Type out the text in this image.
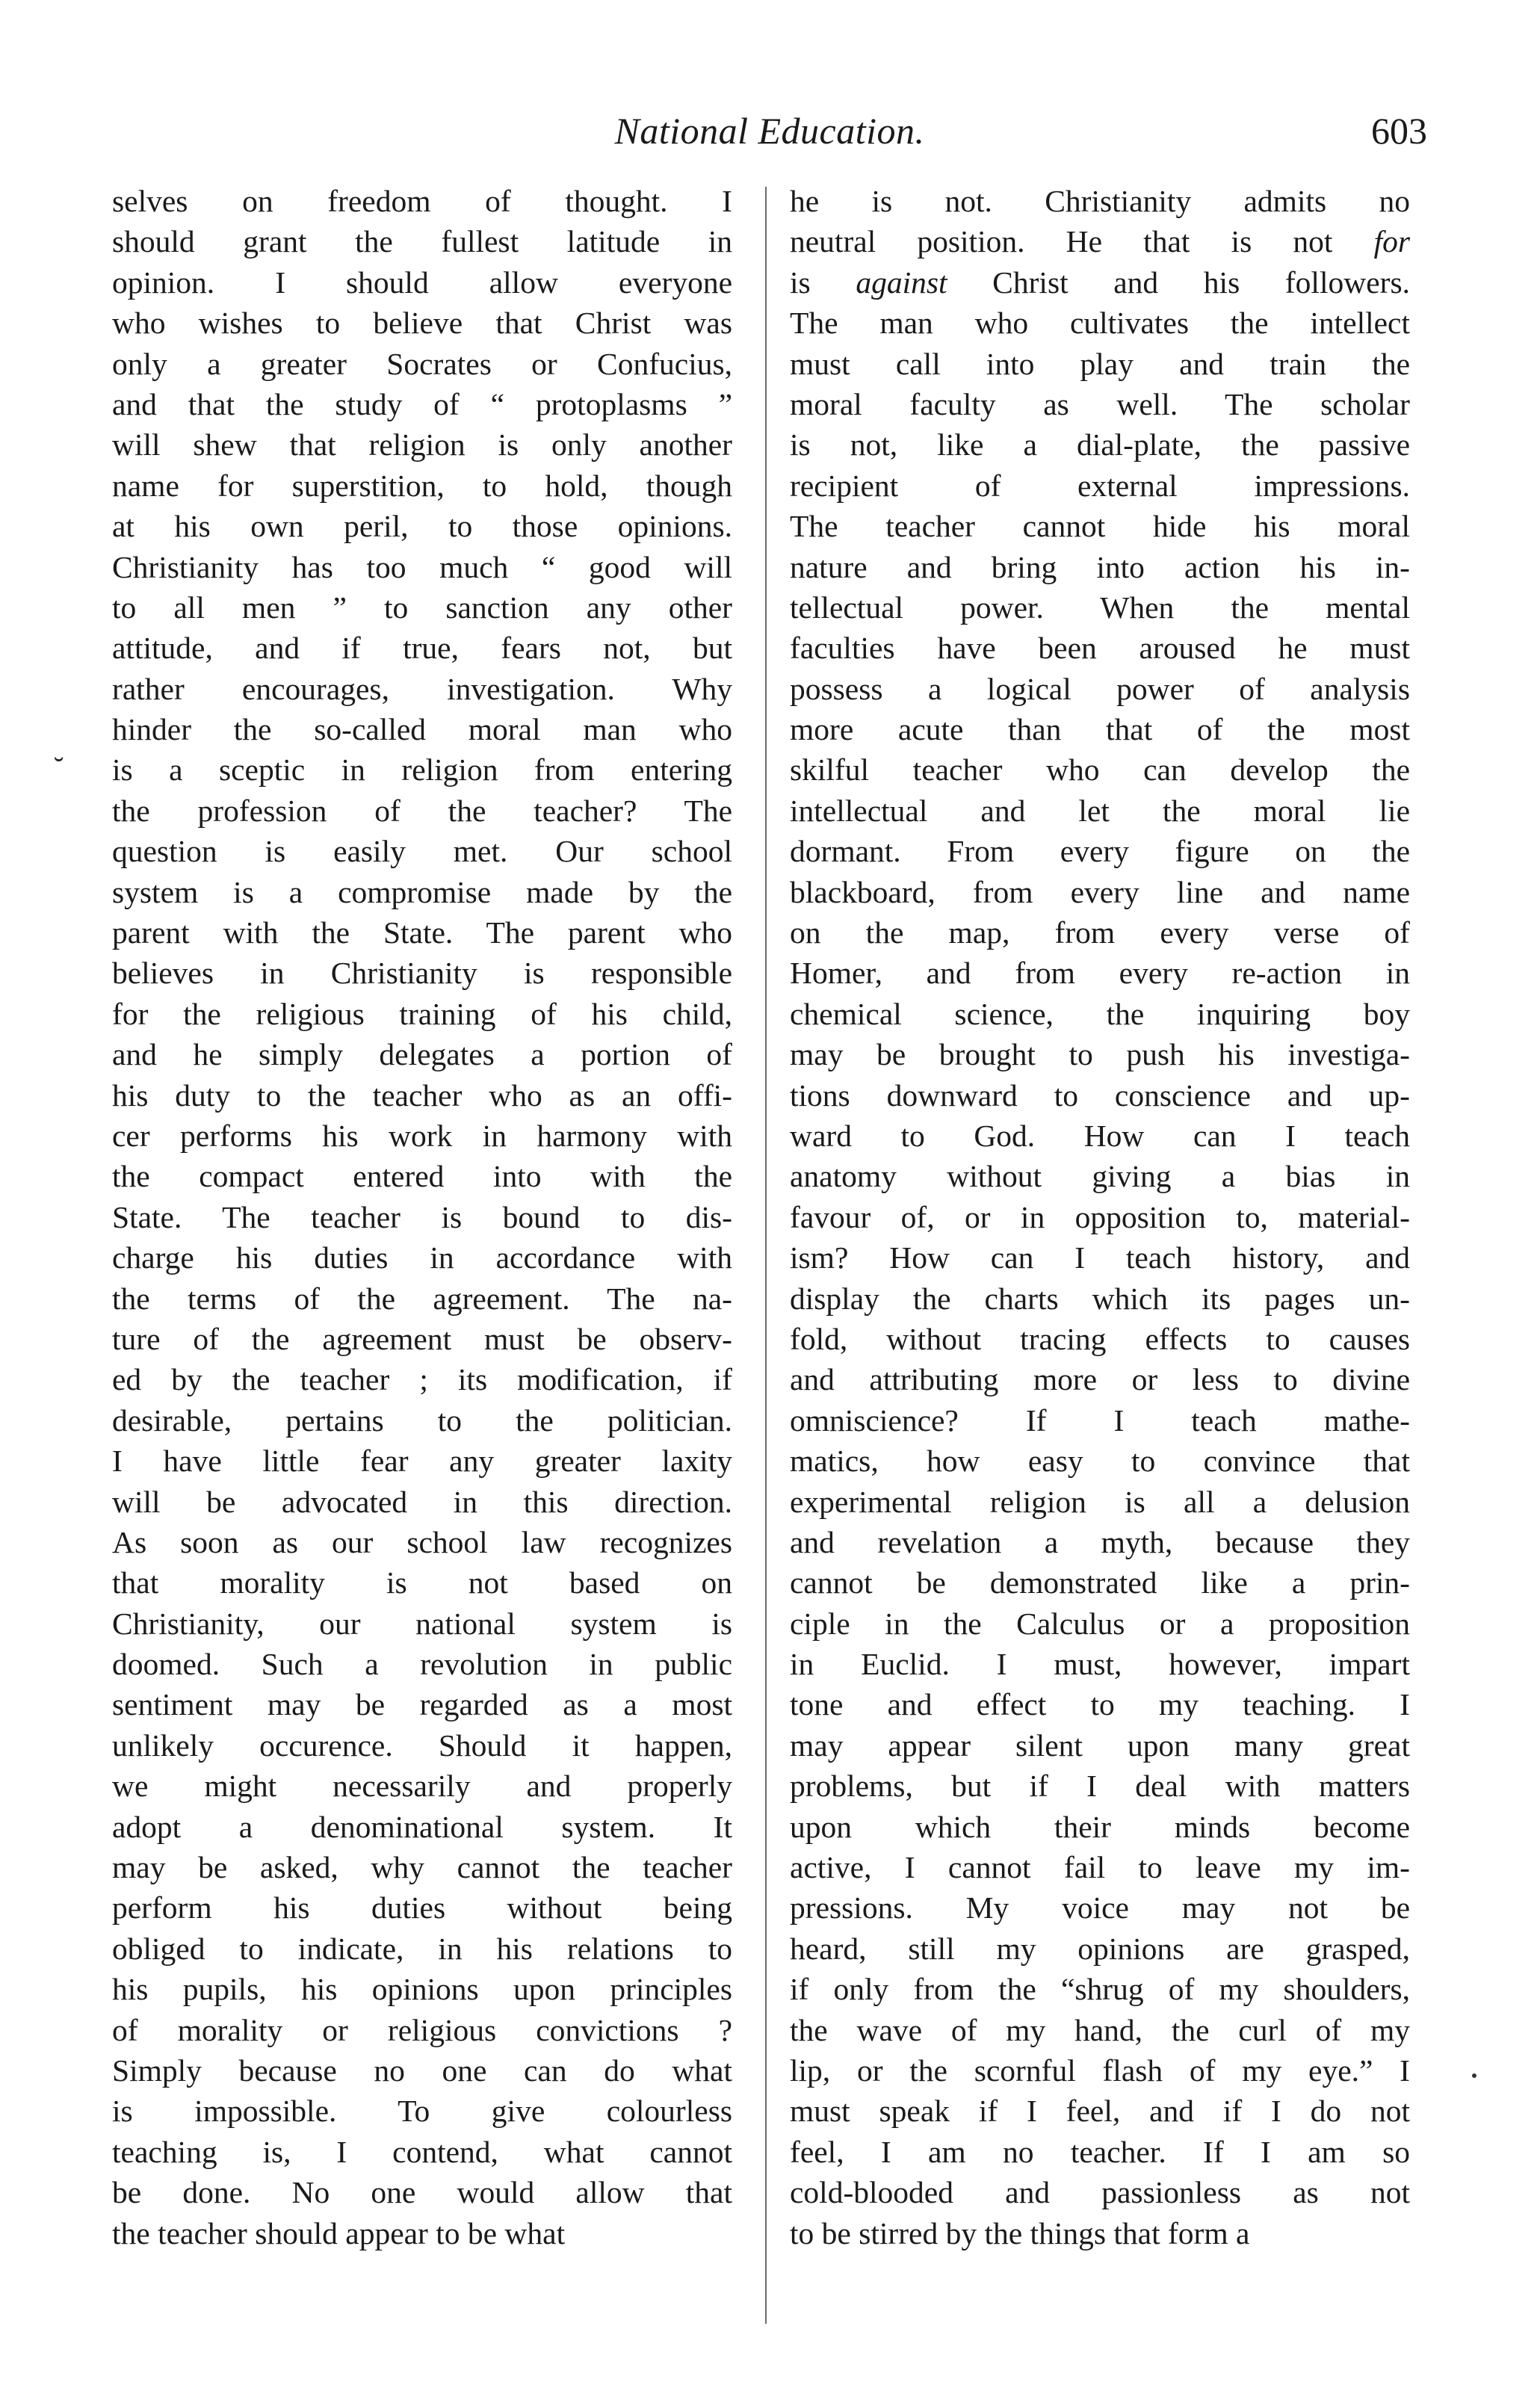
National Education.	603
˘
selves on freedom of thought. I
should grant the fullest latitude in
opinion. I should allow everyone
who wishes to believe that Christ was
only a greater Socrates or Confucius,
and that the study of “ protoplasms ”
will shew that religion is only another
name for superstition, to hold, though
at his own peril, to those opinions.
Christianity has too much “ good will
to all men ” to sanction any other
attitude, and if true, fears not, but
rather encourages, investigation. Why
hinder the so-called moral man who
is a sceptic in religion from entering
the profession of the teacher? The
question is easily met. Our school
system is a compromise made by the
parent with the State. The parent who
believes in Christianity is responsible
for the religious training of his child,
and he simply delegates a portion of
his duty to the teacher who as an offi-
cer performs his work in harmony with
the compact entered into with the
State. The teacher is bound to dis-
charge his duties in accordance with
the terms of the agreement. The na-
ture of the agreement must be observ-
ed by the teacher ; its modification, if
desirable, pertains to the politician.
I have little fear any greater laxity
will be advocated in this direction.
As soon as our school law recognizes
that morality is not based on
Christianity, our national system is
doomed. Such a revolution in public
sentiment may be regarded as a most
unlikely occurence. Should it happen,
we might necessarily and properly
adopt a denominational system. It
may be asked, why cannot the teacher
perform his duties without being
obliged to indicate, in his relations to
his pupils, his opinions upon principles
of morality or religious convictions ?
Simply because no one can do what
is impossible. To give colourless
teaching is, I contend, what cannot
be done. No one would allow that
the teacher should appear to be what
he is not. Christianity admits no
neutral position. He that is not for
is against Christ and his followers.
The man who cultivates the intellect
must call into play and train the
moral faculty as well. The scholar
is not, like a dial-plate, the passive
recipient of external impressions.
The teacher cannot hide his moral
nature and bring into action his in-
tellectual power. When the mental
faculties have been aroused he must
possess a logical power of analysis
more acute than that of the most
skilful teacher who can develop the
intellectual and let the moral lie
dormant. From every figure on the
blackboard, from every line and name
on the map, from every verse of
Homer, and from every re-action in
chemical science, the inquiring boy
may be brought to push his investiga-
tions downward to conscience and up-
ward to God. How can I teach
anatomy without giving a bias in
favour of, or in opposition to, material-
ism? How can I teach history, and
display the charts which its pages un-
fold, without tracing effects to causes
and attributing more or less to divine
omniscience? If I teach mathe-
matics, how easy to convince that
experimental religion is all a delusion
and revelation a myth, because they
cannot be demonstrated like a prin-
ciple in the Calculus or a proposition
in Euclid. I must, however, impart
tone and effect to my teaching. I
may appear silent upon many great
problems, but if I deal with matters
upon which their minds become
active, I cannot fail to leave my im-
pressions. My voice may not be
heard, still my opinions are grasped,
if only from the “shrug of my shoulders,
the wave of my hand, the curl of my
lip, or the scornful flash of my eye.” I
must speak if I feel, and if I do not
feel, I am no teacher. If I am so
cold-blooded and passionless as not
to be stirred by the things that form a
